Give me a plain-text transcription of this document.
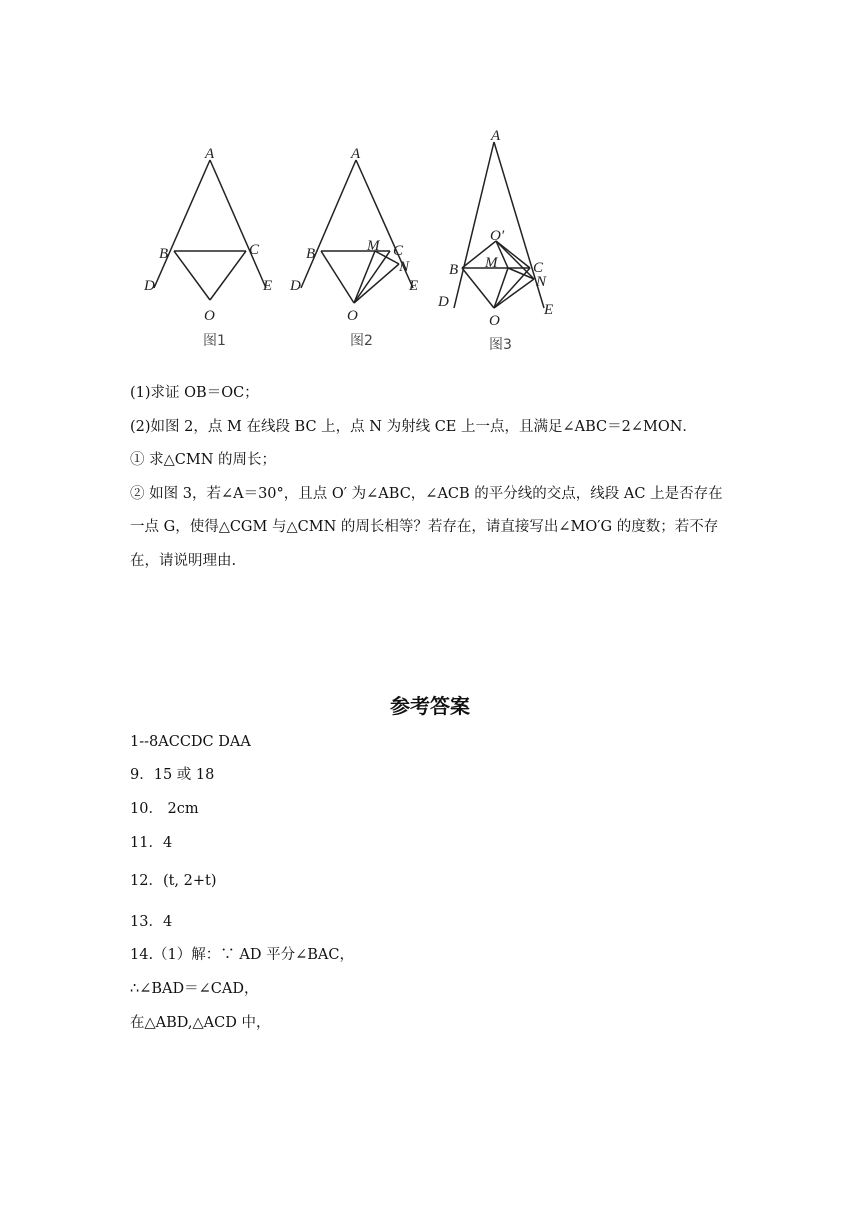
A
B	C
D	E
O
图1
A
B	M C
N
D	E
O
图2
A
O′
B M C
N
D	E
O
图3
(1)求证 OB＝OC；
(2)如图 2，点 M 在线段 BC 上，点 N 为射线 CE 上一点，且满足∠ABC＝2∠MON．
① 求△CMN 的周长；
② 如图 3，若∠A＝30°，且点 O′ 为∠ABC，∠ACB 的平分线的交点，线段 AC 上是否存在
一点 G，使得△CGM 与△CMN 的周长相等？若存在，请直接写出∠MO′G 的度数；若不存
在，请说明理由.
参考答案
1--8ACCDC DAA
9．15 或 18
10． 2cm
11．4
12．(t, 2+t)
13．4
14.（1）解：∵ AD 平分∠BAC，
∴∠BAD＝∠CAD，
在△ABD,△ACD 中，
